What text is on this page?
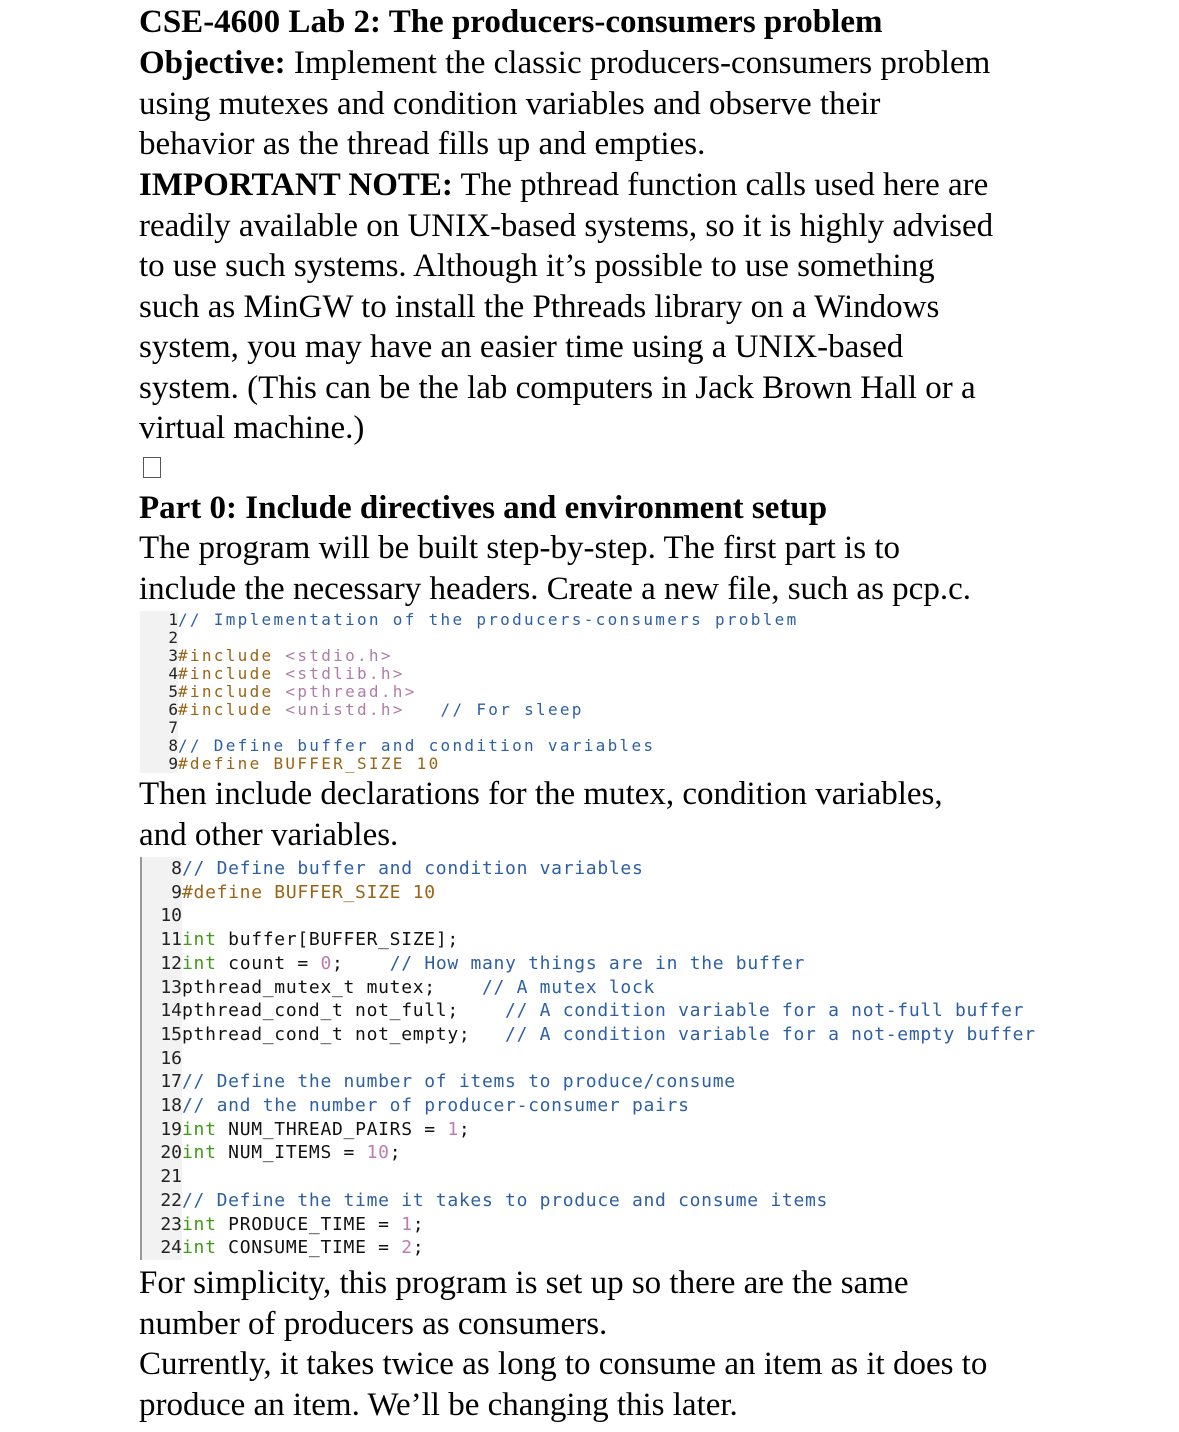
CSE-4600 Lab 2: The producers-consumers problem
Objective: Implement the classic producers-consumers problem
using mutexes and condition variables and observe their
behavior as the thread fills up and empties.
IMPORTANT NOTE: The pthread function calls used here are
readily available on UNIX-based systems, so it is highly advised
to use such systems. Although it’s possible to use something
such as MinGW to install the Pthreads library on a Windows
system, you may have an easier time using a UNIX-based
system. (This can be the lab computers in Jack Brown Hall or a
virtual machine.)
Part 0: Include directives and environment setup
The program will be built step-by-step. The first part is to
include the necessary headers. Create a new file, such as pcp.c.
1// Implementation of the producers-consumers problem
2
3#include <stdio.h>
4#include <stdlib.h>
5#include <pthread.h>
6#include <unistd.h> // For sleep
7
8// Define buffer and condition variables
9#define BUFFER_SIZE 10
Then include declarations for the mutex, condition variables,
and other variables.
8// Define buffer and condition variables
9#define BUFFER_SIZE 10
10
11int buffer[BUFFER_SIZE];
12int count = 0;    // How many things are in the buffer
13pthread_mutex_t mutex;    // A mutex lock
14pthread_cond_t not_full;    // A condition variable for a not-full buffer
15pthread_cond_t not_empty;   // A condition variable for a not-empty buffer
16
17// Define the number of items to produce/consume
18// and the number of producer-consumer pairs
19int NUM_THREAD_PAIRS = 1;
20int NUM_ITEMS = 10;
21
22// Define the time it takes to produce and consume items
23int PRODUCE_TIME = 1;
24int CONSUME_TIME = 2;
For simplicity, this program is set up so there are the same
number of producers as consumers.
Currently, it takes twice as long to consume an item as it does to
produce an item. We’ll be changing this later.
